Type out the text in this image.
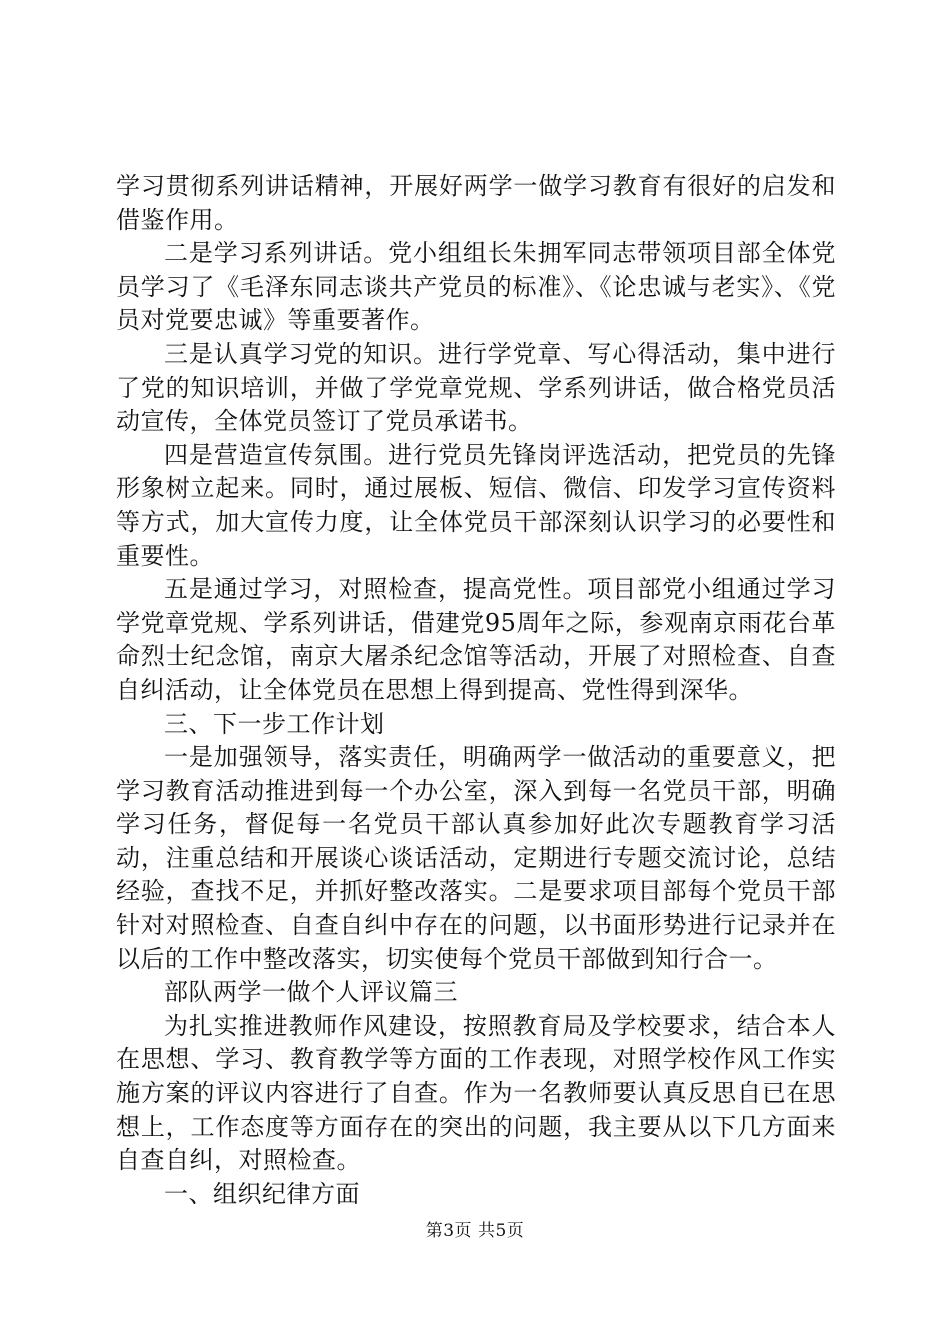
学习贯彻系列讲话精神，开展好两学一做学习教育有很好的启发和借鉴作用。

二是学习系列讲话。党小组组长朱拥军同志带领项目部全体党员学习了《毛泽东同志谈共产党员的标准》、《论忠诚与老实》、《党员对党要忠诚》等重要著作。

三是认真学习党的知识。进行学党章、写心得活动，集中进行了党的知识培训，并做了学党章党规、学系列讲话，做合格党员活动宣传，全体党员签订了党员承诺书。

四是营造宣传氛围。进行党员先锋岗评选活动，把党员的先锋形象树立起来。同时，通过展板、短信、微信、印发学习宣传资料等方式，加大宣传力度，让全体党员干部深刻认识学习的必要性和重要性。

五是通过学习，对照检查，提高党性。项目部党小组通过学习学党章党规、学系列讲话，借建党95周年之际，参观南京雨花台革命烈士纪念馆，南京大屠杀纪念馆等活动，开展了对照检查、自查自纠活动，让全体党员在思想上得到提高、党性得到深华。

三、下一步工作计划

一是加强领导，落实责任，明确两学一做活动的重要意义，把学习教育活动推进到每一个办公室，深入到每一名党员干部，明确学习任务，督促每一名党员干部认真参加好此次专题教育学习活动，注重总结和开展谈心谈话活动，定期进行专题交流讨论，总结经验，查找不足，并抓好整改落实。二是要求项目部每个党员干部针对对照检查、自查自纠中存在的问题，以书面形势进行记录并在以后的工作中整改落实，切实使每个党员干部做到知行合一。

部队两学一做个人评议篇三

为扎实推进教师作风建设，按照教育局及学校要求，结合本人在思想、学习、教育教学等方面的工作表现，对照学校作风工作实施方案的评议内容进行了自查。作为一名教师要认真反思自已在思想上，工作态度等方面存在的突出的问题，我主要从以下几方面来自查自纠，对照检查。

一、组织纪律方面

第3页 共5页
